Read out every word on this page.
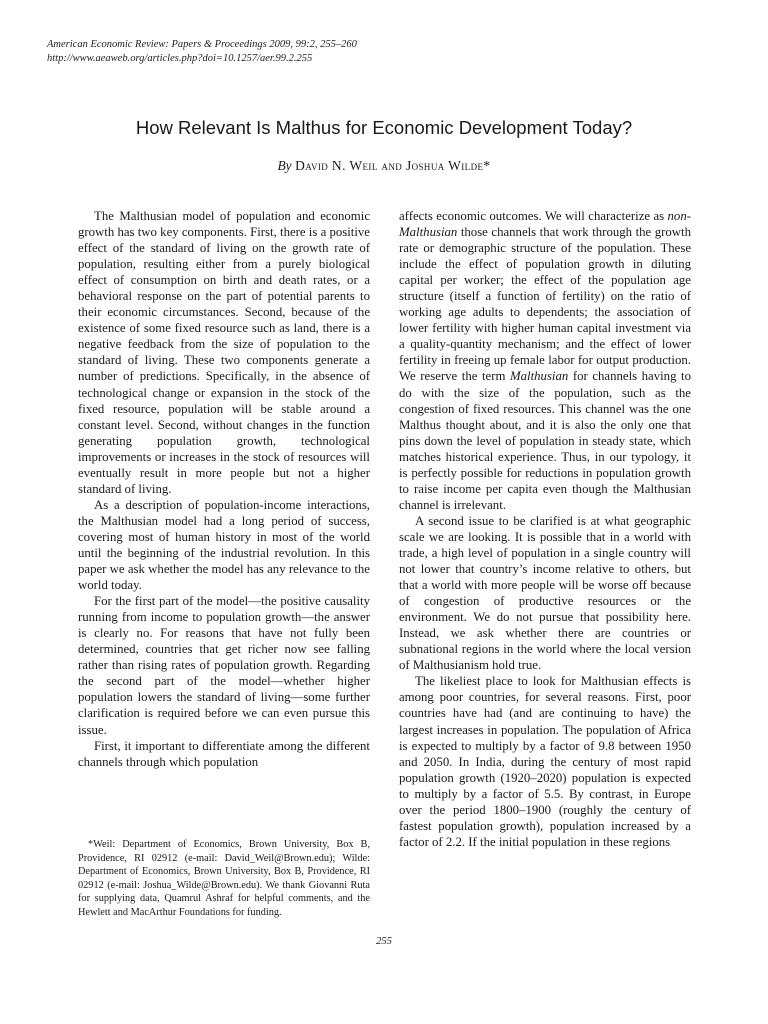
American Economic Review: Papers & Proceedings 2009, 99:2, 255–260
http://www.aeaweb.org/articles.php?doi=10.1257/aer.99.2.255
How Relevant Is Malthus for Economic Development Today?
By David N. Weil and Joshua Wilde*

The Malthusian model of population and economic growth has two key components. First, there is a positive effect of the standard of living on the growth rate of population, resulting either from a purely biological effect of consumption on birth and death rates, or a behavioral response on the part of potential parents to their economic circumstances. Second, because of the existence of some fixed resource such as land, there is a negative feedback from the size of population to the standard of living. These two components generate a number of predictions. Specifically, in the absence of technological change or expansion in the stock of the fixed resource, population will be stable around a constant level. Second, without changes in the function generating population growth, technological improvements or increases in the stock of resources will eventually result in more people but not a higher standard of living.

As a description of population-income interactions, the Malthusian model had a long period of success, covering most of human history in most of the world until the beginning of the industrial revolution. In this paper we ask whether the model has any relevance to the world today.

For the first part of the model—the positive causality running from income to population growth—the answer is clearly no. For reasons that have not fully been determined, countries that get richer now see falling rather than rising rates of population growth. Regarding the second part of the model—whether higher population lowers the standard of living—some further clarification is required before we can even pursue this issue.

First, it important to differentiate among the different channels through which population

*Weil: Department of Economics, Brown University, Box B, Providence, RI 02912 (e-mail: David_Weil@Brown.edu); Wilde: Department of Economics, Brown University, Box B, Providence, RI 02912 (e-mail: Joshua_Wilde@Brown.edu). We thank Giovanni Ruta for supplying data, Quamrul Ashraf for helpful comments, and the Hewlett and MacArthur Foundations for funding.

affects economic outcomes. We will characterize as non-Malthusian those channels that work through the growth rate or demographic structure of the population. These include the effect of population growth in diluting capital per worker; the effect of the population age structure (itself a function of fertility) on the ratio of working age adults to dependents; the association of lower fertility with higher human capital investment via a quality-quantity mechanism; and the effect of lower fertility in freeing up female labor for output production. We reserve the term Malthusian for channels having to do with the size of the population, such as the congestion of fixed resources. This channel was the one Malthus thought about, and it is also the only one that pins down the level of population in steady state, which matches historical experience. Thus, in our typology, it is perfectly possible for reductions in population growth to raise income per capita even though the Malthusian channel is irrelevant.

A second issue to be clarified is at what geographic scale we are looking. It is possible that in a world with trade, a high level of population in a single country will not lower that country’s income relative to others, but that a world with more people will be worse off because of congestion of productive resources or the environment. We do not pursue that possibility here. Instead, we ask whether there are countries or subnational regions in the world where the local version of Malthusianism hold true.

The likeliest place to look for Malthusian effects is among poor countries, for several reasons. First, poor countries have had (and are continuing to have) the largest increases in population. The population of Africa is expected to multiply by a factor of 9.8 between 1950 and 2050. In India, during the century of most rapid population growth (1920–2020) population is expected to multiply by a factor of 5.5. By contrast, in Europe over the period 1800–1900 (roughly the century of fastest population growth), population increased by a factor of 2.2. If the initial population in these regions

255
